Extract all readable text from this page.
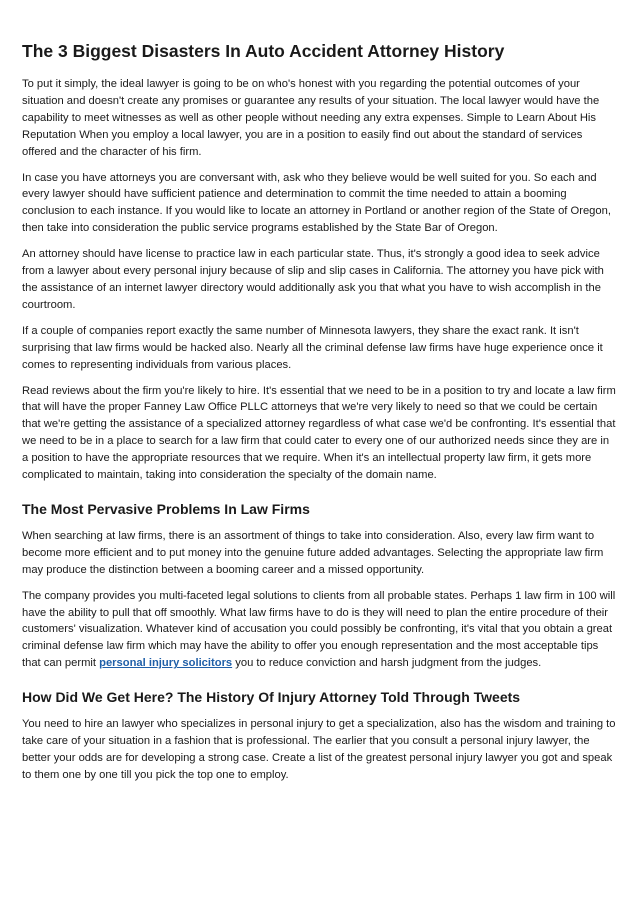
The 3 Biggest Disasters In Auto Accident Attorney History

To put it simply, the ideal lawyer is going to be on who's honest with you regarding the potential outcomes of your situation and doesn't create any promises or guarantee any results of your situation. The local lawyer would have the capability to meet witnesses as well as other people without needing any extra expenses. Simple to Learn About His Reputation When you employ a local lawyer, you are in a position to easily find out about the standard of services offered and the character of his firm.

In case you have attorneys you are conversant with, ask who they believe would be well suited for you. So each and every lawyer should have sufficient patience and determination to commit the time needed to attain a booming conclusion to each instance. If you would like to locate an attorney in Portland or another region of the State of Oregon, then take into consideration the public service programs established by the State Bar of Oregon.

An attorney should have license to practice law in each particular state. Thus, it's strongly a good idea to seek advice from a lawyer about every personal injury because of slip and slip cases in California. The attorney you have pick with the assistance of an internet lawyer directory would additionally ask you that what you have to wish accomplish in the courtroom.

If a couple of companies report exactly the same number of Minnesota lawyers, they share the exact rank. It isn't surprising that law firms would be hacked also. Nearly all the criminal defense law firms have huge experience once it comes to representing individuals from various places.

Read reviews about the firm you're likely to hire. It's essential that we need to be in a position to try and locate a law firm that will have the proper Fanney Law Office PLLC attorneys that we're very likely to need so that we could be certain that we're getting the assistance of a specialized attorney regardless of what case we'd be confronting. It's essential that we need to be in a place to search for a law firm that could cater to every one of our authorized needs since they are in a position to have the appropriate resources that we require. When it's an intellectual property law firm, it gets more complicated to maintain, taking into consideration the specialty of the domain name.

The Most Pervasive Problems In Law Firms

When searching at law firms, there is an assortment of things to take into consideration. Also, every law firm want to become more efficient and to put money into the genuine future added advantages. Selecting the appropriate law firm may produce the distinction between a booming career and a missed opportunity.

The company provides you multi-faceted legal solutions to clients from all probable states. Perhaps 1 law firm in 100 will have the ability to pull that off smoothly. What law firms have to do is they will need to plan the entire procedure of their customers' visualization. Whatever kind of accusation you could possibly be confronting, it's vital that you obtain a great criminal defense law firm which may have the ability to offer you enough representation and the most acceptable tips that can permit personal injury solicitors you to reduce conviction and harsh judgment from the judges.

How Did We Get Here? The History Of Injury Attorney Told Through Tweets

You need to hire an lawyer who specializes in personal injury to get a specialization, also has the wisdom and training to take care of your situation in a fashion that is professional. The earlier that you consult a personal injury lawyer, the better your odds are for developing a strong case. Create a list of the greatest personal injury lawyer you got and speak to them one by one till you pick the top one to employ.
